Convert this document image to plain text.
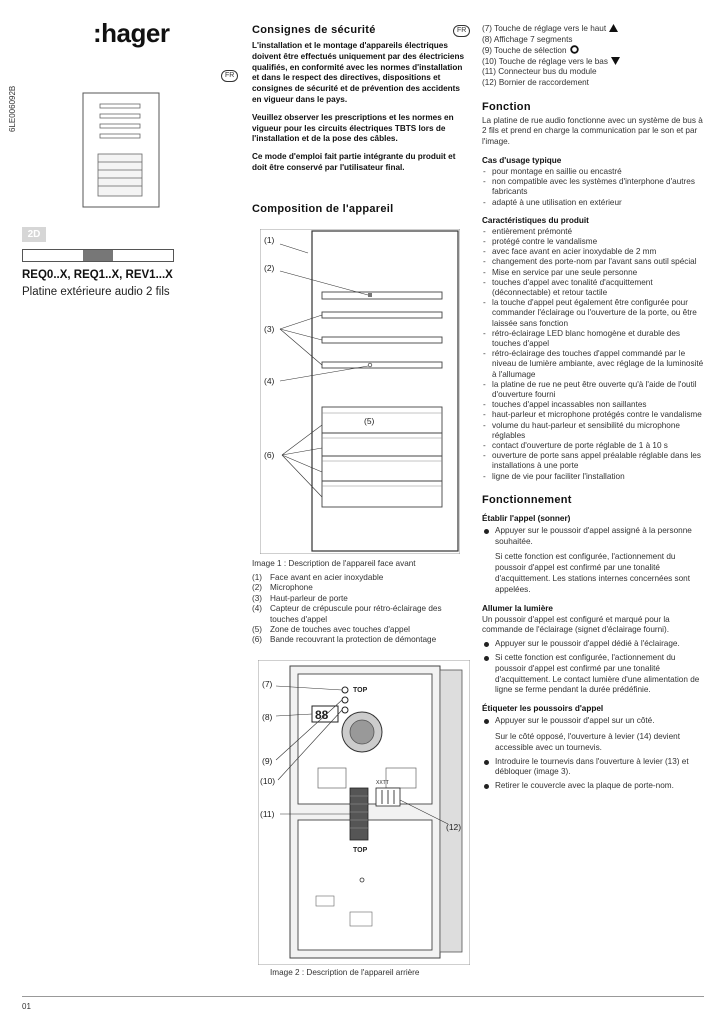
:hager
6LE006092B
FR
2D
REQ0..X, REQ1..X, REV1...X
Platine extérieure audio 2 fils
Consignes de sécurité
L'installation et le montage d'appareils électriques doivent être effectués uniquement par des électriciens qualifiés, en conformité avec les normes d'installation et dans le respect des directives, dispositions et consignes de sécurité et de prévention des accidents en vigueur dans le pays.
Veuillez observer les prescriptions et les normes en vigueur pour les circuits électriques TBTS lors de l'installation et de la pose des câbles.
Ce mode d'emploi fait partie intégrante du produit et doit être conservé par l'utilisateur final.
FR
Composition de l'appareil
(1)
(2)
(3)
(4)
(5)
(6)
Image 1 : Description de l'appareil face avant
(1) Face avant en acier inoxydable
(2) Microphone
(3) Haut-parleur de porte
(4) Capteur de crépuscule pour rétro-éclairage des touches d'appel
(5) Zone de touches avec touches d'appel
(6) Bande recouvrant la protection de démontage
88
TOP
XXTT
TOP
(7)
(8)
(9)
(10)
(11)
(12)
Image 2 : Description de l'appareil arrière
(7) Touche de réglage vers le haut
(8) Affichage 7 segments
(9) Touche de sélection
(10) Touche de réglage vers le bas
(11) Connecteur bus du module
(12) Bornier de raccordement
Fonction
La platine de rue audio fonctionne avec un système de bus à 2 fils et prend en charge la communication par le son et par l'image.
Cas d'usage typique
- pour montage en saillie ou encastré
- non compatible avec les systèmes d'interphone d'autres fabricants
- adapté à une utilisation en extérieur
Caractéristiques du produit
- entièrement prémonté
- protégé contre le vandalisme
- avec face avant en acier inoxydable de 2 mm
- changement des porte-nom par l'avant sans outil spécial
- Mise en service par une seule personne
- touches d'appel avec tonalité d'acquittement (déconnectable) et retour tactile
- la touche d'appel peut également être configurée pour commander l'éclairage ou l'ouverture de la porte, ou être laissée sans fonction
- rétro-éclairage LED blanc homogène et durable des touches d'appel
- rétro-éclairage des touches d'appel commandé par le niveau de lumière ambiante, avec réglage de la luminosité à l'allumage
- la platine de rue ne peut être ouverte qu'à l'aide de l'outil d'ouverture fourni
- touches d'appel incassables non saillantes
- haut-parleur et microphone protégés contre le vandalisme
- volume du haut-parleur et sensibilité du microphone réglables
- contact d'ouverture de porte réglable de 1 à 10 s
- ouverture de porte sans appel préalable réglable dans les installations à une porte
- ligne de vie pour faciliter l'installation
Fonctionnement
Établir l'appel (sonner)
Appuyer sur le poussoir d'appel assigné à la personne souhaitée.
Si cette fonction est configurée, l'actionnement du poussoir d'appel est confirmé par une tonalité d'acquittement. Les stations internes concernées sont appelées.
Allumer la lumière
Un poussoir d'appel est configuré et marqué pour la commande de l'éclairage (signet d'éclairage fourni).
Appuyer sur le poussoir d'appel dédié à l'éclairage.
Si cette fonction est configurée, l'actionnement du poussoir d'appel est confirmé par une tonalité d'acquittement. Le contact lumière d'une alimentation de ligne se ferme pendant la durée prédéfinie.
Étiqueter les poussoirs d'appel
Appuyer sur le poussoir d'appel sur un côté.
Sur le côté opposé, l'ouverture à levier (14) devient accessible avec un tournevis.
Introduire le tournevis dans l'ouverture à levier (13) et débloquer (image 3).
Retirer le couvercle avec la plaque de porte-nom.
01
